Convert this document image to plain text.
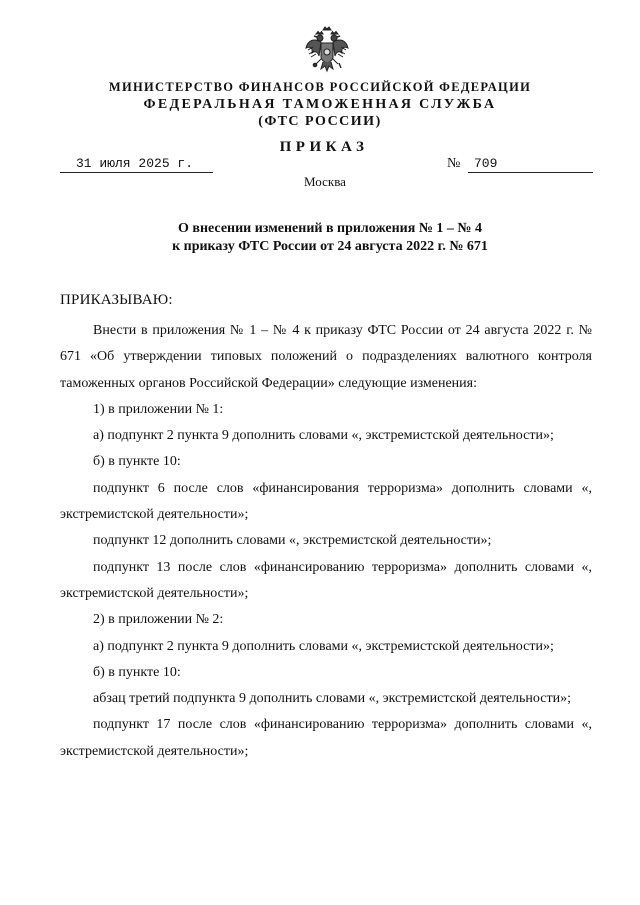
МИНИСТЕРСТВО ФИНАНСОВ РОССИЙСКОЙ ФЕДЕРАЦИИ
ФЕДЕРАЛЬНАЯ ТАМОЖЕННАЯ СЛУЖБА
(ФТС РОССИИ)
ПРИКАЗ
31 июля 2025 г.	№ 709
Москва
О внесении изменений в приложения № 1 – № 4
к приказу ФТС России от 24 августа 2022 г. № 671
ПРИКАЗЫВАЮ:

Внести в приложения № 1 – № 4 к приказу ФТС России от 24 августа 2022 г. № 671 «Об утверждении типовых положений о подразделениях валютного контроля таможенных органов Российской Федерации» следующие изменения:

1) в приложении № 1:

а) подпункт 2 пункта 9 дополнить словами «, экстремистской деятельности»;

б) в пункте 10:

подпункт 6 после слов «финансирования терроризма» дополнить словами «, экстремистской деятельности»;

подпункт 12 дополнить словами «, экстремистской деятельности»;

подпункт 13 после слов «финансированию терроризма» дополнить словами «, экстремистской деятельности»;

2) в приложении № 2:

а) подпункт 2 пункта 9 дополнить словами «, экстремистской деятельности»;

б) в пункте 10:

абзац третий подпункта 9 дополнить словами «, экстремистской деятельности»;

подпункт 17 после слов «финансированию терроризма» дополнить словами «, экстремистской деятельности»;
